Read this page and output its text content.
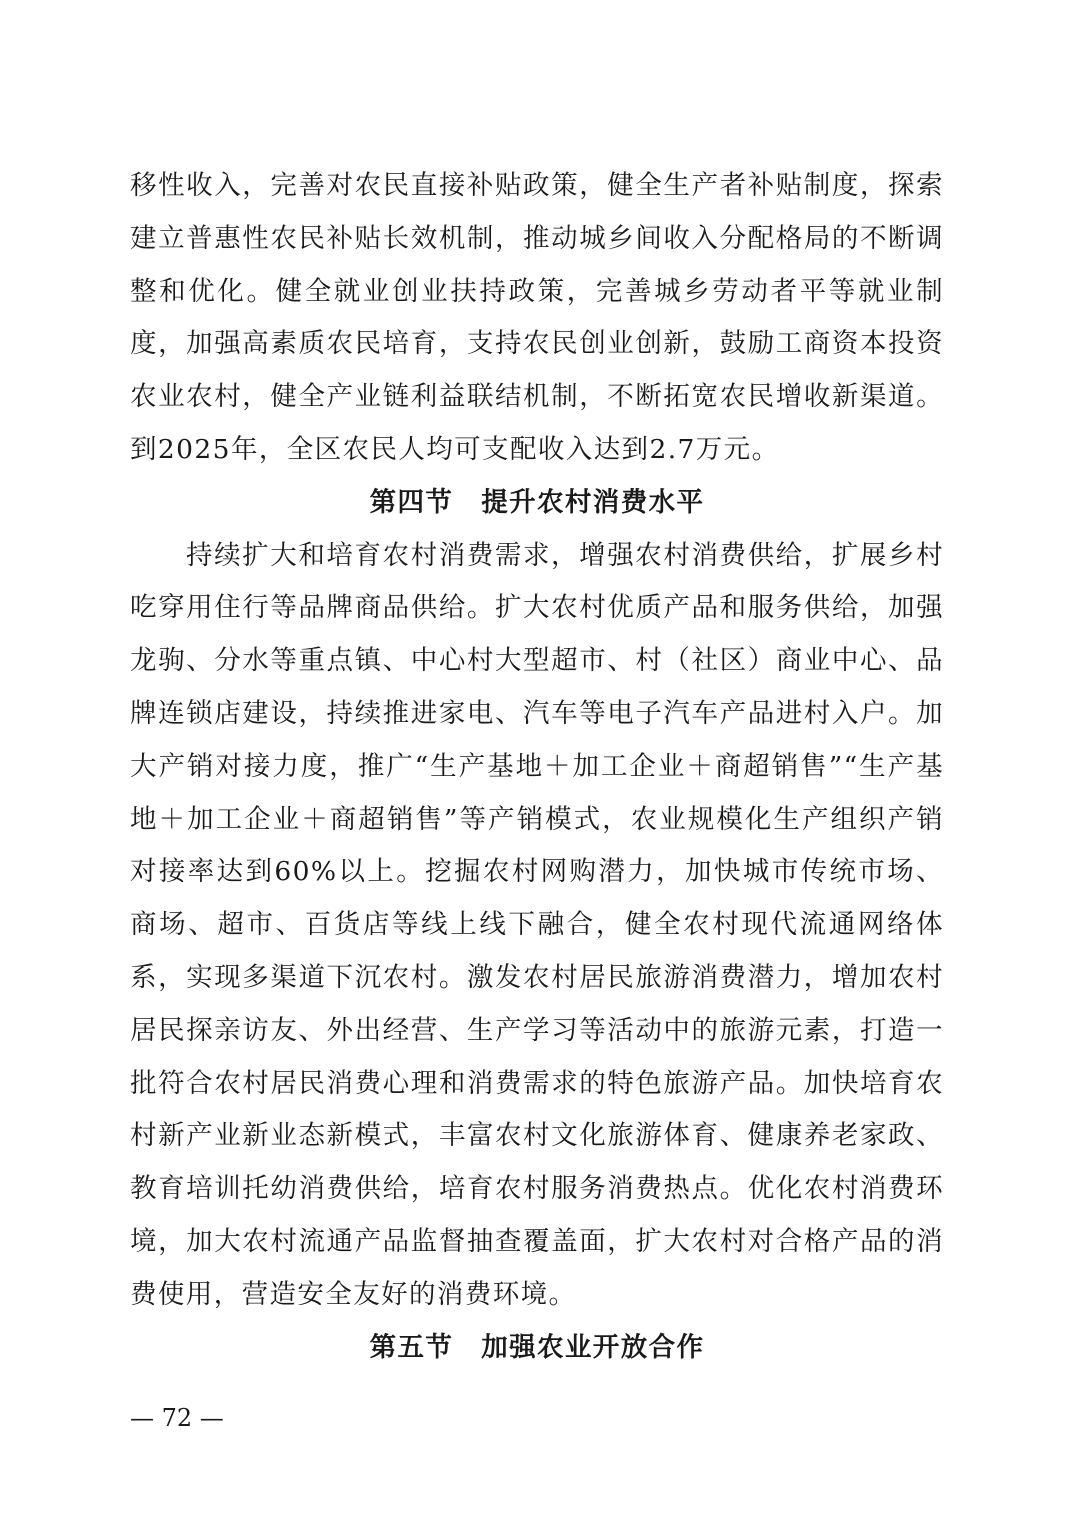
移性收入，完善对农民直接补贴政策，健全生产者补贴制度，探索建立普惠性农民补贴长效机制，推动城乡间收入分配格局的不断调整和优化。健全就业创业扶持政策，完善城乡劳动者平等就业制度，加强高素质农民培育，支持农民创业创新，鼓励工商资本投资农业农村，健全产业链利益联结机制，不断拓宽农民增收新渠道。到2025年，全区农民人均可支配收入达到2.7万元。

第四节　提升农村消费水平

持续扩大和培育农村消费需求，增强农村消费供给，扩展乡村吃穿用住行等品牌商品供给。扩大农村优质产品和服务供给，加强龙驹、分水等重点镇、中心村大型超市、村（社区）商业中心、品牌连锁店建设，持续推进家电、汽车等电子汽车产品进村入户。加大产销对接力度，推广“生产基地＋加工企业＋商超销售”“生产基地＋加工企业＋商超销售”等产销模式，农业规模化生产组织产销对接率达到60%以上。挖掘农村网购潜力，加快城市传统市场、商场、超市、百货店等线上线下融合，健全农村现代流通网络体系，实现多渠道下沉农村。激发农村居民旅游消费潜力，增加农村居民探亲访友、外出经营、生产学习等活动中的旅游元素，打造一批符合农村居民消费心理和消费需求的特色旅游产品。加快培育农村新产业新业态新模式，丰富农村文化旅游体育、健康养老家政、教育培训托幼消费供给，培育农村服务消费热点。优化农村消费环境，加大农村流通产品监督抽查覆盖面，扩大农村对合格产品的消费使用，营造安全友好的消费环境。

第五节　加强农业开放合作

— 72 —
